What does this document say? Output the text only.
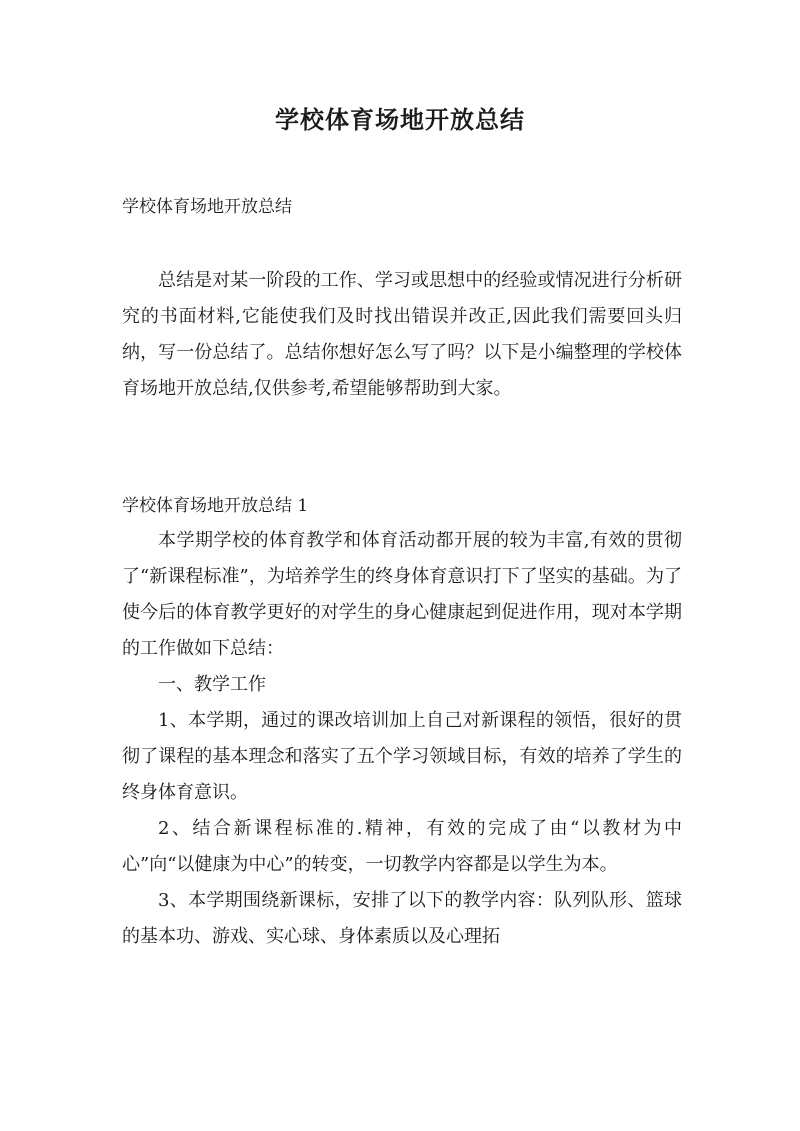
学校体育场地开放总结

学校体育场地开放总结

总结是对某一阶段的工作、学习或思想中的经验或情况进行分析研究的书面材料,它能使我们及时找出错误并改正,因此我们需要回头归纳，写一份总结了。总结你想好怎么写了吗？以下是小编整理的学校体育场地开放总结,仅供参考,希望能够帮助到大家。

学校体育场地开放总结 1

本学期学校的体育教学和体育活动都开展的较为丰富,有效的贯彻了“新课程标准”，为培养学生的终身体育意识打下了坚实的基础。为了使今后的体育教学更好的对学生的身心健康起到促进作用，现对本学期的工作做如下总结：

一、教学工作

1、本学期，通过的课改培训加上自己对新课程的领悟，很好的贯彻了课程的基本理念和落实了五个学习领域目标，有效的培养了学生的终身体育意识。

2、结合新课程标准的.精神，有效的完成了由“以教材为中心”向“以健康为中心”的转变，一切教学内容都是以学生为本。

3、本学期围绕新课标，安排了以下的教学内容：队列队形、篮球的基本功、游戏、实心球、身体素质以及心理拓
